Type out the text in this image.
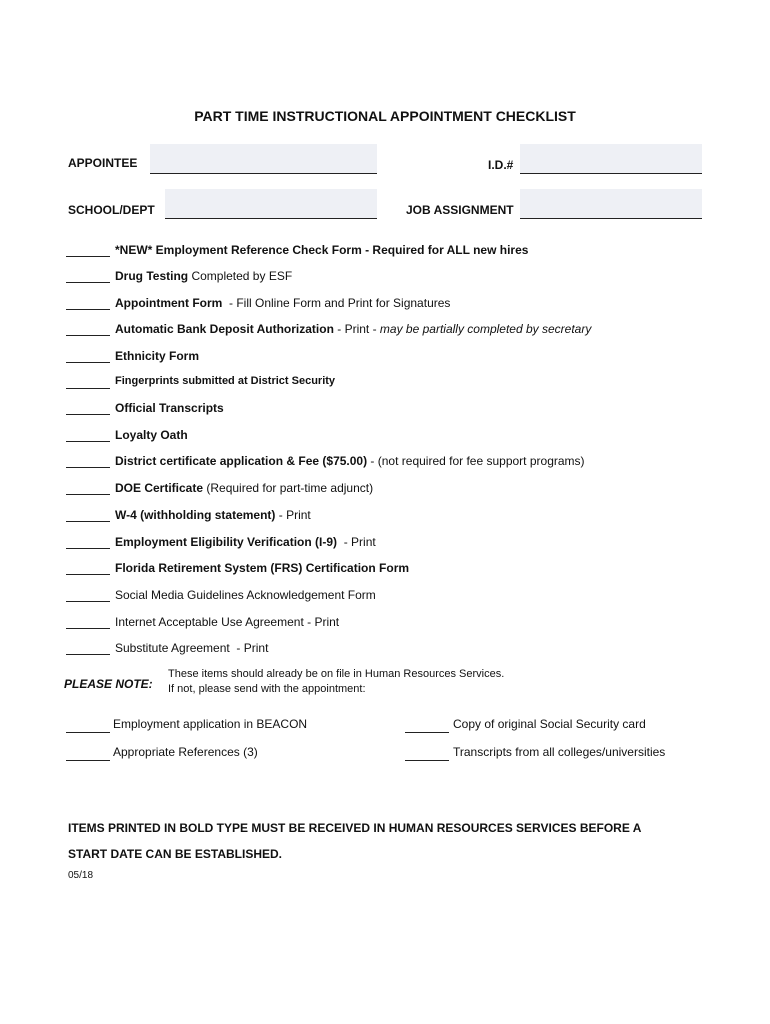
PART TIME INSTRUCTIONAL APPOINTMENT CHECKLIST
APPOINTEE	I.D.#
SCHOOL/DEPT	JOB ASSIGNMENT
*NEW* Employment Reference Check Form - Required for ALL new hires
Drug Testing Completed by ESF
Appointment Form  - Fill Online Form and Print for Signatures
Automatic Bank Deposit Authorization - Print - may be partially completed by secretary
Ethnicity Form
Fingerprints submitted at District Security
Official Transcripts
Loyalty Oath
District certificate application & Fee ($75.00) - (not required for fee support programs)
DOE Certificate (Required for part-time adjunct)
W-4 (withholding statement) - Print
Employment Eligibility Verification (I-9)  - Print
Florida Retirement System (FRS) Certification Form
Social Media Guidelines Acknowledgement Form
Internet Acceptable Use Agreement - Print
Substitute Agreement  - Print
PLEASE NOTE:
These items should already be on file in Human Resources Services.
If not, please send with the appointment:
Employment application in BEACON
Appropriate References (3)
Copy of original Social Security card
Transcripts from all colleges/universities
ITEMS PRINTED IN BOLD TYPE MUST BE RECEIVED IN HUMAN RESOURCES SERVICES BEFORE A
START DATE CAN BE ESTABLISHED.
05/18
